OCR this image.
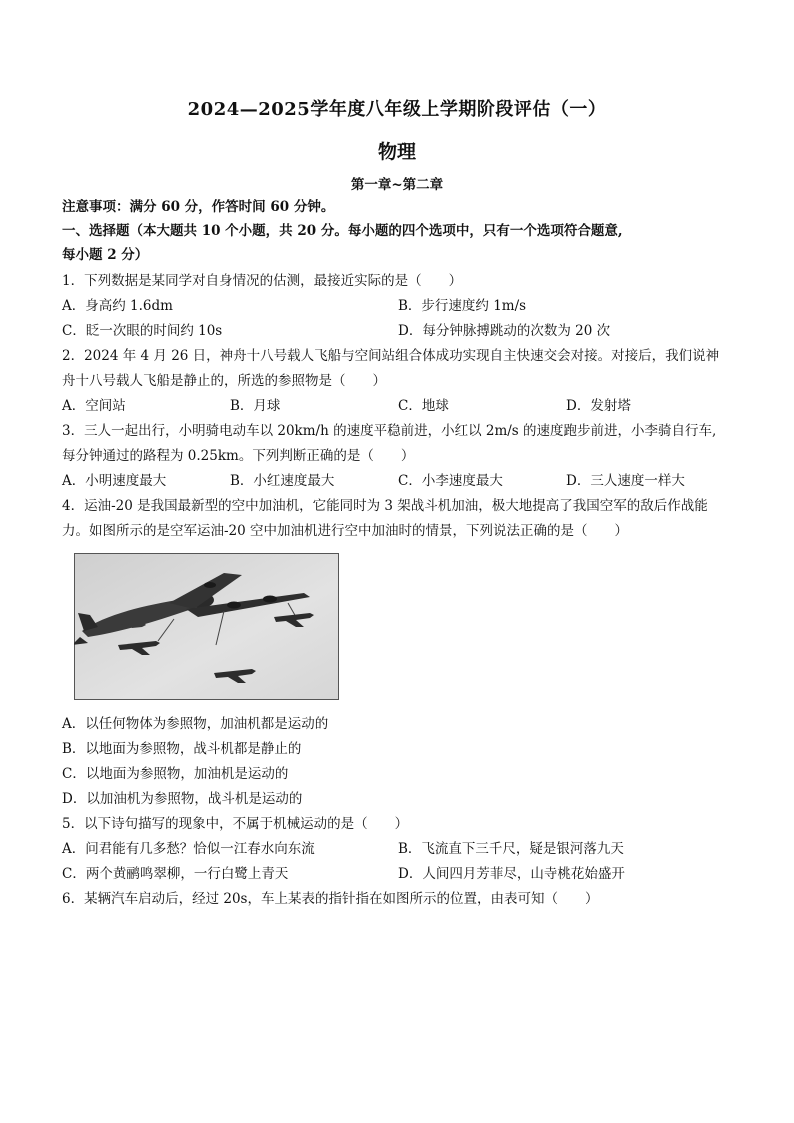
2024—2025学年度八年级上学期阶段评估（一）
物理
第一章~第二章
注意事项：满分 60 分，作答时间 60 分钟。
一、选择题（本大题共 10 个小题，共 20 分。每小题的四个选项中，只有一个选项符合题意,
每小题 2 分）
1．下列数据是某同学对自身情况的估测，最接近实际的是（　　）
A．身高约 1.6dm	B．步行速度约 1m/s
C．眨一次眼的时间约 10s	D．每分钟脉搏跳动的次数为 20 次
2．2024 年 4 月 26 日，神舟十八号载人飞船与空间站组合体成功实现自主快速交会对接。对接后，我们说神
舟十八号载人飞船是静止的，所选的参照物是（　　）
A．空间站	B．月球	C．地球	D．发射塔
3．三人一起出行，小明骑电动车以 20km/h 的速度平稳前进，小红以 2m/s 的速度跑步前进，小李骑自行车,
每分钟通过的路程为 0.25km。下列判断正确的是（　　）
A．小明速度最大	B．小红速度最大	C．小李速度最大	D．三人速度一样大
4．运油-20 是我国最新型的空中加油机，它能同时为 3 架战斗机加油，极大地提高了我国空军的敌后作战能
力。如图所示的是空军运油-20 空中加油机进行空中加油时的情景，下列说法正确的是（　　）
A．以任何物体为参照物，加油机都是运动的
B．以地面为参照物，战斗机都是静止的
C．以地面为参照物，加油机是运动的
D．以加油机为参照物，战斗机是运动的
5．以下诗句描写的现象中，不属于机械运动的是（　　）
A．问君能有几多愁？恰似一江春水向东流	B．飞流直下三千尺，疑是银河落九天
C．两个黄鹂鸣翠柳，一行白鹭上青天	D．人间四月芳菲尽，山寺桃花始盛开
6．某辆汽车启动后，经过 20s，车上某表的指针指在如图所示的位置，由表可知（　　）
